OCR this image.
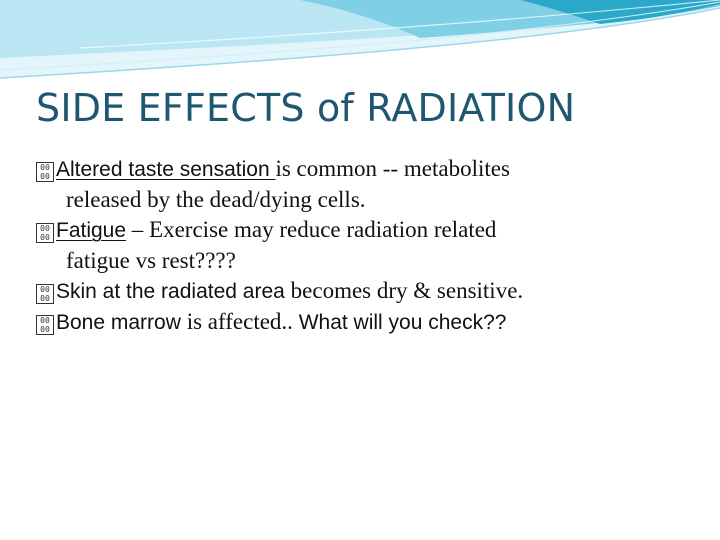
SIDE EFFECTS of RADIATION
00
00 Altered taste sensation is common -- metabolites
released by the dead/dying cells.
00
00 Fatigue – Exercise may reduce radiation related
fatigue vs rest????
00
00 Skin at the radiated area becomes dry & sensitive.
00
00 Bone marrow is affected.. What will you check??
